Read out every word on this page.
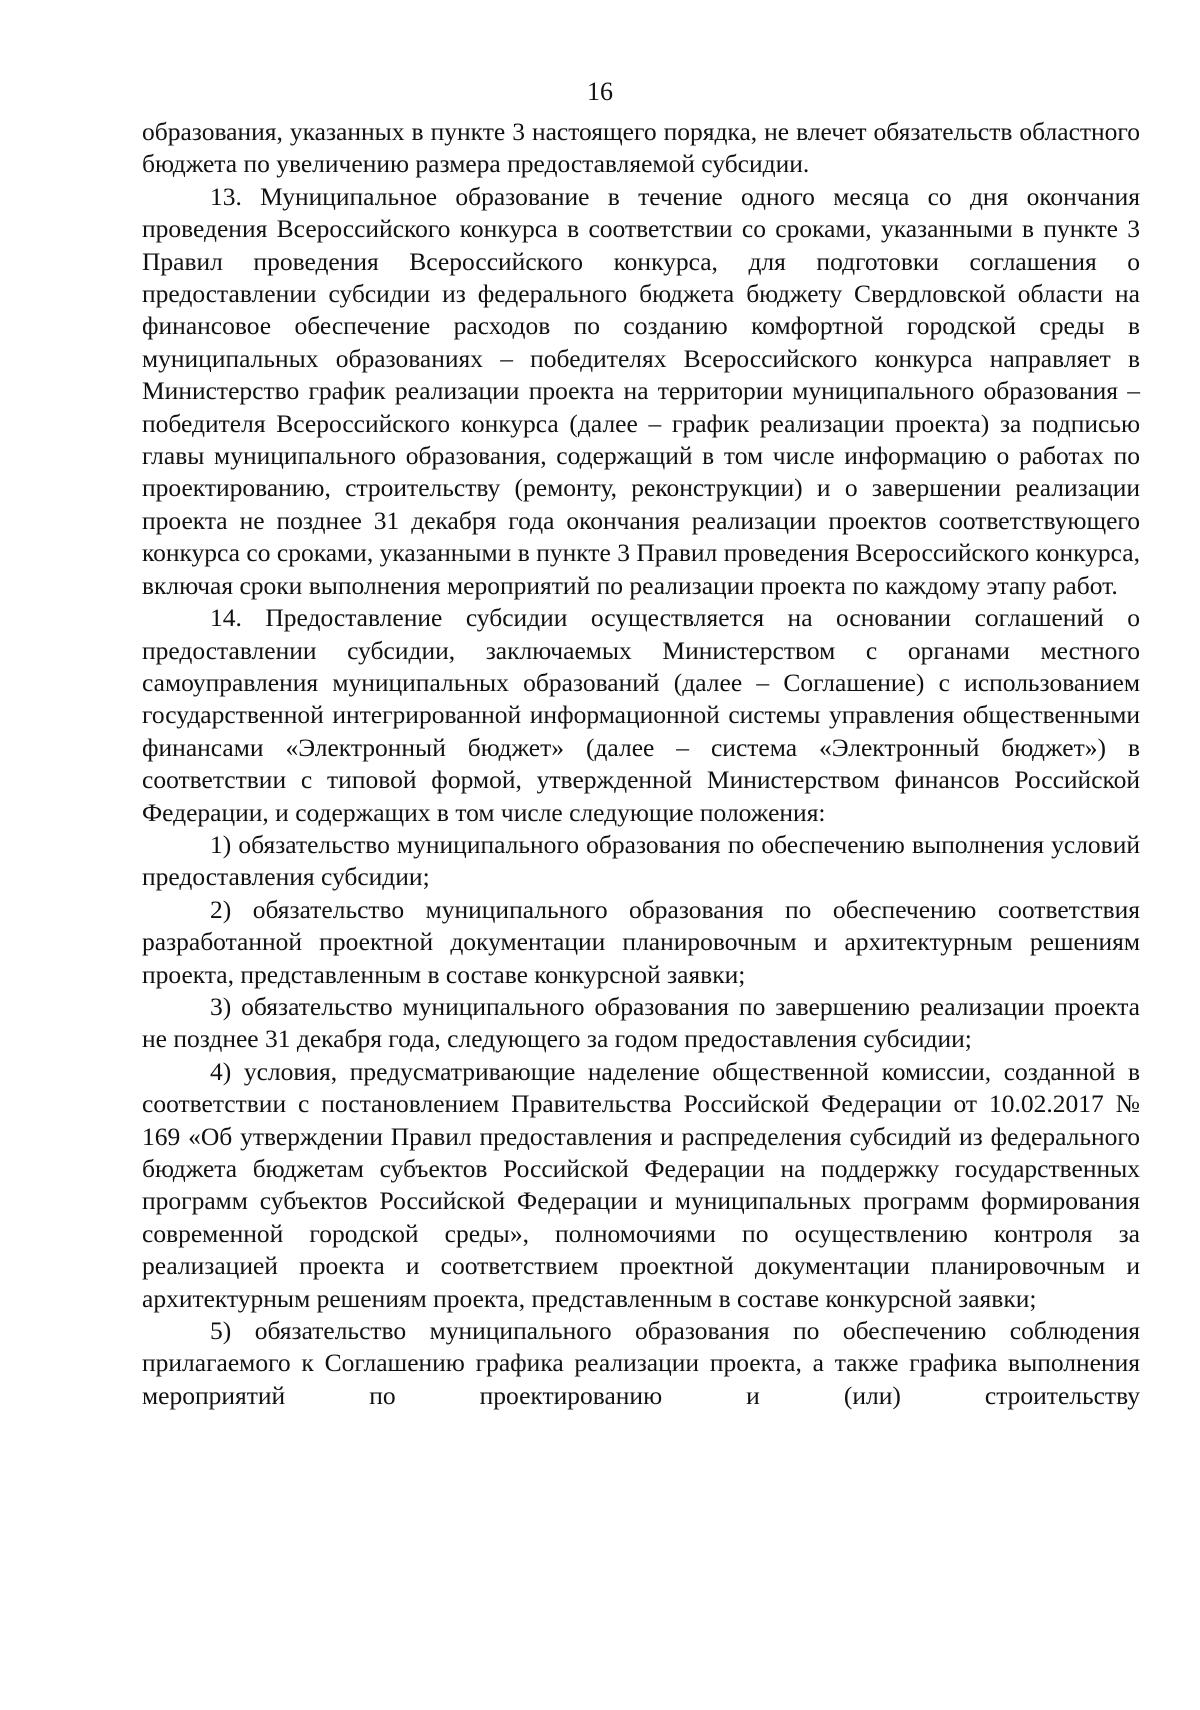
16

образования, указанных в пункте 3 настоящего порядка, не влечет обязательств областного бюджета по увеличению размера предоставляемой субсидии.

13. Муниципальное образование в течение одного месяца со дня окончания проведения Всероссийского конкурса в соответствии со сроками, указанными в пункте 3 Правил проведения Всероссийского конкурса, для подготовки соглашения о предоставлении субсидии из федерального бюджета бюджету Свердловской области на финансовое обеспечение расходов по созданию комфортной городской среды в муниципальных образованиях – победителях Всероссийского конкурса направляет в Министерство график реализации проекта на территории муниципального образования – победителя Всероссийского конкурса (далее – график реализации проекта) за подписью главы муниципального образования, содержащий в том числе информацию о работах по проектированию, строительству (ремонту, реконструкции) и о завершении реализации проекта не позднее 31 декабря года окончания реализации проектов соответствующего конкурса со сроками, указанными в пункте 3 Правил проведения Всероссийского конкурса, включая сроки выполнения мероприятий по реализации проекта по каждому этапу работ.

14. Предоставление субсидии осуществляется на основании соглашений о предоставлении субсидии, заключаемых Министерством с органами местного самоуправления муниципальных образований (далее – Соглашение) с использованием государственной интегрированной информационной системы управления общественными финансами «Электронный бюджет» (далее – система «Электронный бюджет») в соответствии с типовой формой, утвержденной Министерством финансов Российской Федерации, и содержащих в том числе следующие положения:

1) обязательство муниципального образования по обеспечению выполнения условий предоставления субсидии;

2) обязательство муниципального образования по обеспечению соответствия разработанной проектной документации планировочным и архитектурным решениям проекта, представленным в составе конкурсной заявки;

3) обязательство муниципального образования по завершению реализации проекта не позднее 31 декабря года, следующего за годом предоставления субсидии;

4) условия, предусматривающие наделение общественной комиссии, созданной в соответствии с постановлением Правительства Российской Федерации от 10.02.2017 № 169 «Об утверждении Правил предоставления и распределения субсидий из федерального бюджета бюджетам субъектов Российской Федерации на поддержку государственных программ субъектов Российской Федерации и муниципальных программ формирования современной городской среды», полномочиями по осуществлению контроля за реализацией проекта и соответствием проектной документации планировочным и архитектурным решениям проекта, представленным в составе конкурсной заявки;

5) обязательство муниципального образования по обеспечению соблюдения прилагаемого к Соглашению графика реализации проекта, а также графика выполнения мероприятий по проектированию и (или) строительству
